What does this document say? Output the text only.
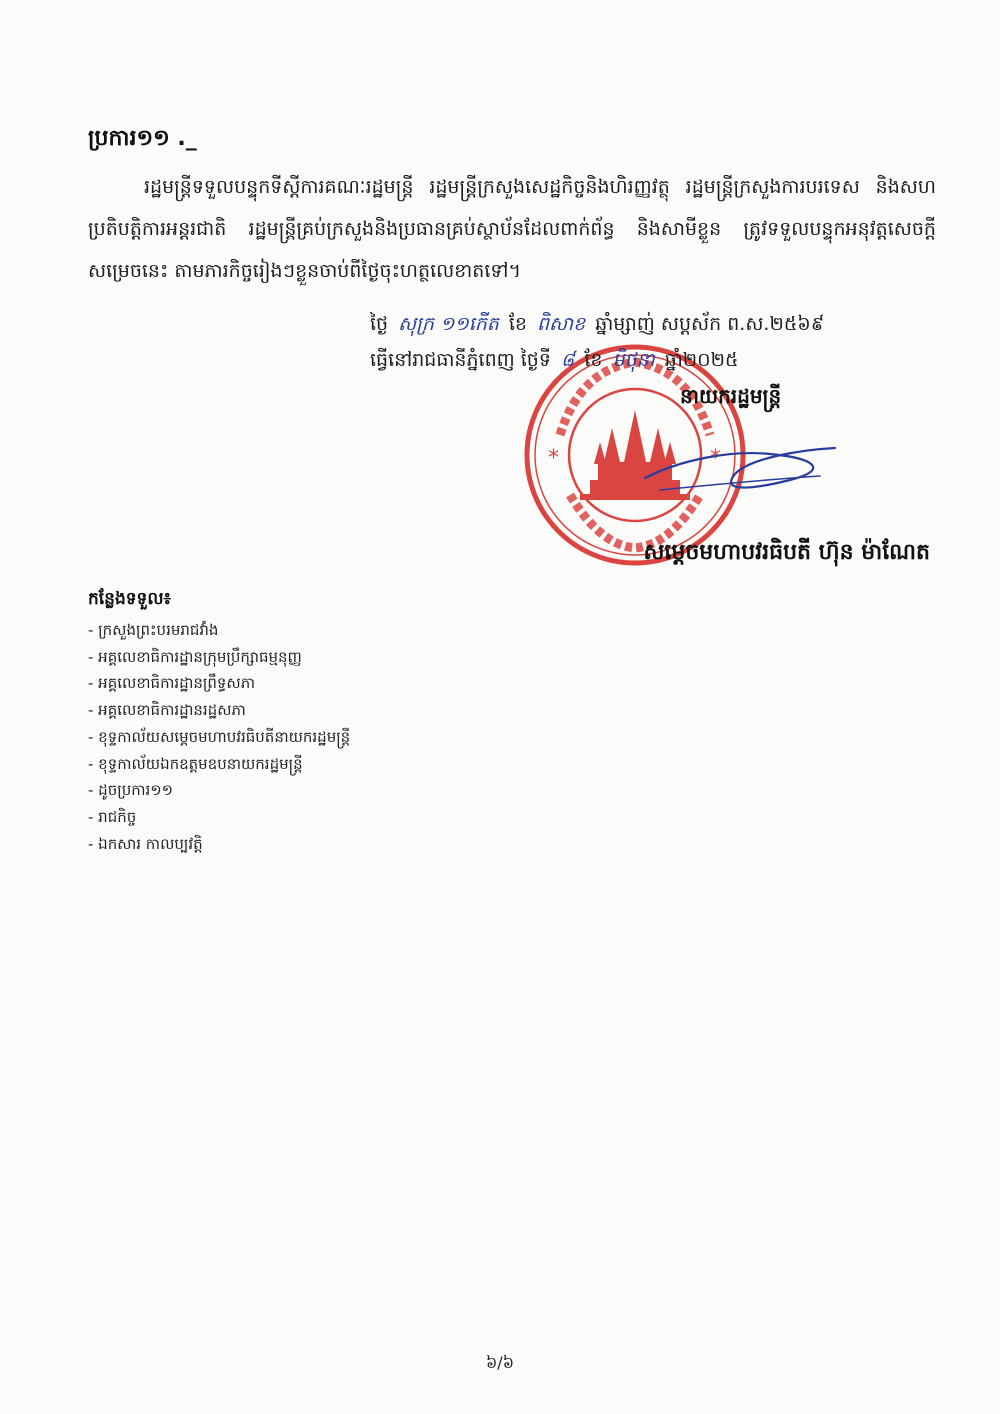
ប្រការ១១ ._

រដ្ឋមន្ត្រីទទួលបន្ទុកទីស្តីការគណៈរដ្ឋមន្ត្រី រដ្ឋមន្ត្រីក្រសួងសេដ្ឋកិច្ចនិងហិរញ្ញវត្ថុ រដ្ឋមន្ត្រីក្រសួងការបរទេស និងសហប្រតិបត្តិការអន្តរជាតិ រដ្ឋមន្ត្រីគ្រប់ក្រសួងនិងប្រធានគ្រប់ស្ថាប័នដែលពាក់ព័ន្ធ និងសាមីខ្លួន ត្រូវទទួលបន្ទុកអនុវត្តសេចក្តីសម្រេចនេះ តាមភារកិច្ចរៀងៗខ្លួនចាប់ពីថ្ងៃចុះហត្ថលេខាតទៅ។

*	*
ថ្ងៃ សុក្រ ១១កើត ខែ ពិសាខ ឆ្នាំម្សាញ់ សប្តស័ក ព.ស.២៥៦៩
ធ្វើនៅរាជធានីភ្នំពេញ ថ្ងៃទី ៨ ខែ មិថុនា ឆ្នាំ២០២៥
នាយករដ្ឋមន្ត្រី
សម្តេចមហាបវរធិបតី ហ៊ុន ម៉ាណែត
កន្លែងទទួល៖
- ក្រសួងព្រះបរមរាជវាំង
- អគ្គលេខាធិការដ្ឋានក្រុមប្រឹក្សាធម្មនុញ្ញ
- អគ្គលេខាធិការដ្ឋានព្រឹទ្ធសភា
- អគ្គលេខាធិការដ្ឋានរដ្ឋសភា
- ខុទ្ទកាល័យសម្តេចមហាបវរធិបតីនាយករដ្ឋមន្ត្រី
- ខុទ្ទកាល័យឯកឧត្តមឧបនាយករដ្ឋមន្ត្រី
- ដូចប្រការ១១
- រាជកិច្ច
- ឯកសារ កាលប្បវត្តិ
៦/៦
